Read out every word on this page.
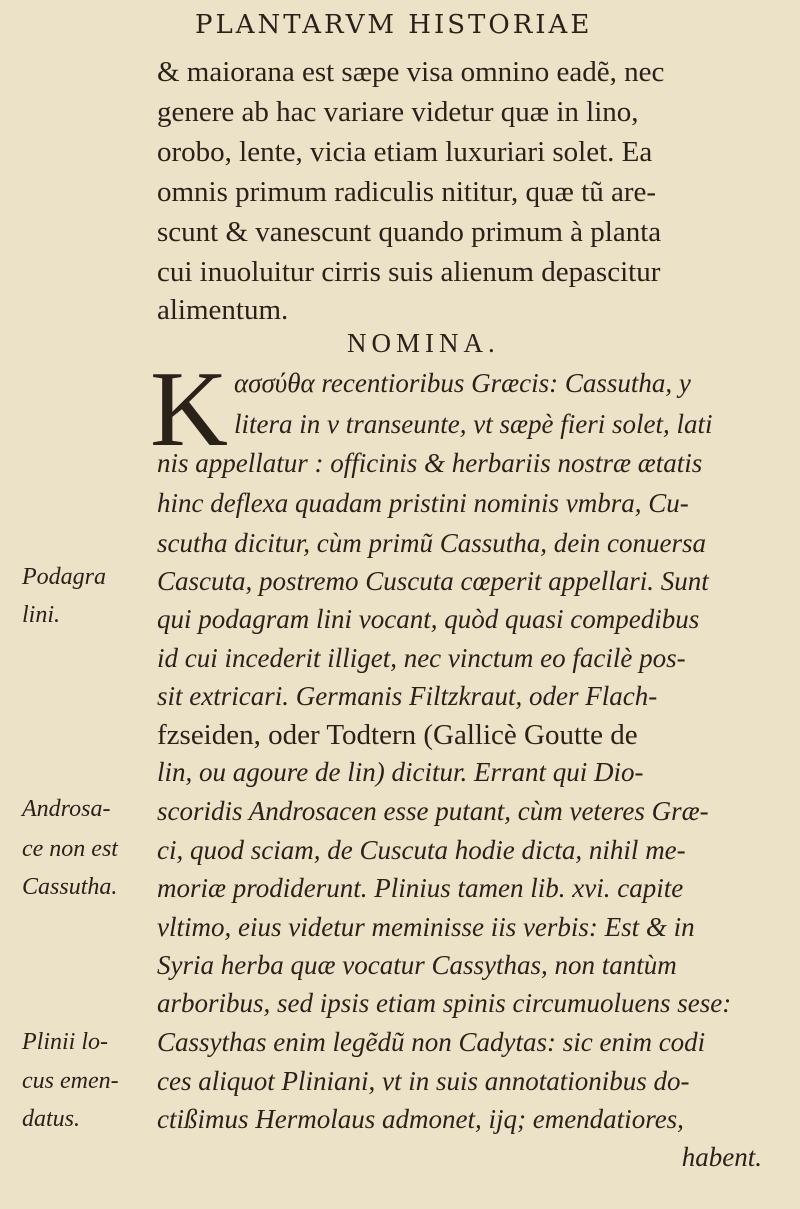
PLANTARVM HISTORIAE
& maiorana est sæpe visa omnino eadẽ, nec
genere ab hac variare videtur quæ in lino,
orobo, lente, vicia etiam luxuriari solet. Ea
omnis primum radiculis nititur, quæ tũ are-
scunt & vanescunt quando primum à planta
cui inuoluitur cirris suis alienum depascitur
alimentum.
NOMINA.
K ασσύθα recentioribus Græcis: Cassutha, y
litera in v transeunte, vt sæpè fieri solet, lati
nis appellatur : officinis & herbariis nostræ ætatis
hinc deflexa quadam pristini nominis vmbra, Cu-
scutha dicitur, cùm primũ Cassutha, dein conuersa
Cascuta, postremo Cuscuta cœperit appellari. Sunt
qui podagram lini vocant, quòd quasi compedibus
id cui incederit illiget, nec vinctum eo facilè pos-
sit extricari. Germanis Filtzkraut, oder Flach-
fzseiden, oder Todtern (Gallicè Goutte de
lin, ou agoure de lin) dicitur. Errant qui Dio-
scoridis Androsacen esse putant, cùm veteres Græ-
ci, quod sciam, de Cuscuta hodie dicta, nihil me-
moriæ prodiderunt. Plinius tamen lib. xvi. capite
vltimo, eius videtur meminisse iis verbis: Est & in
Syria herba quæ vocatur Cassythas, non tantùm
arboribus, sed ipsis etiam spinis circumuoluens sese:
Cassythas enim legẽdũ non Cadytas: sic enim codi
ces aliquot Pliniani, vt in suis annotationibus do-
ctißimus Hermolaus admonet, ijq; emendatiores,
habent.
Podagra
lini.
Androsa-
ce non est
Cassutha.
Plinii lo-
cus emen-
datus.
